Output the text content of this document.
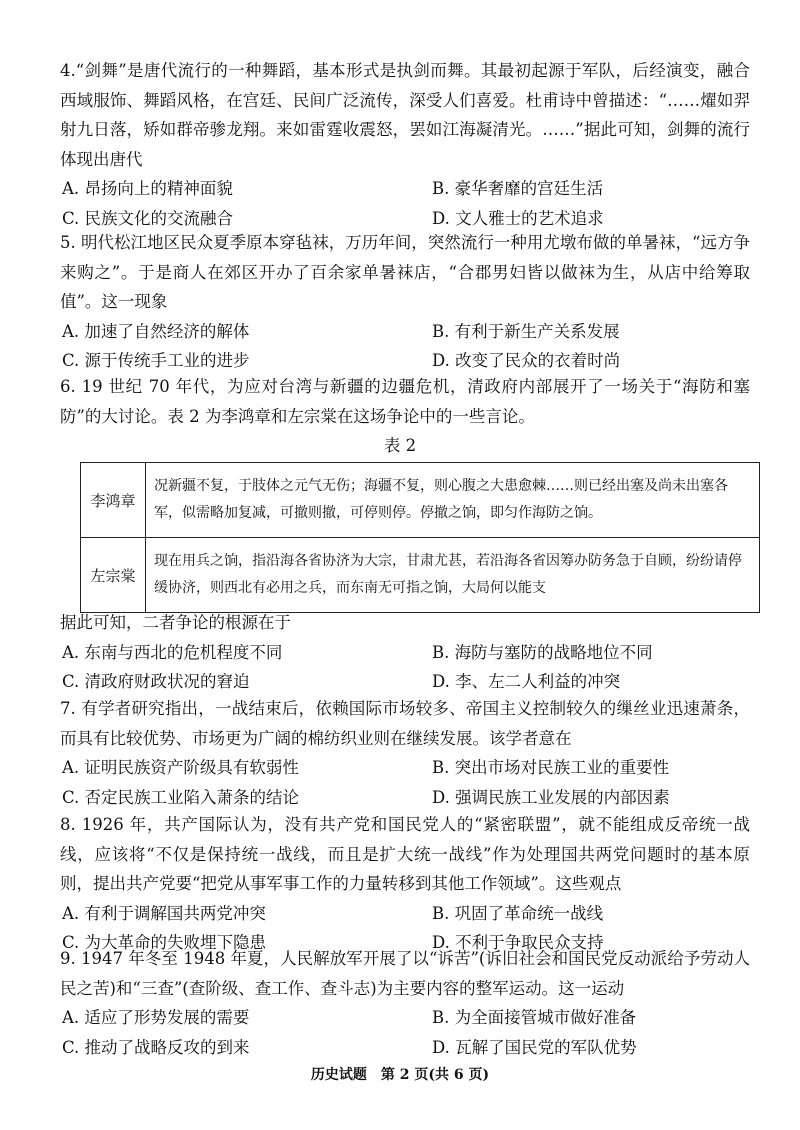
4.“剑舞”是唐代流行的一种舞蹈，基本形式是执剑而舞。其最初起源于军队，后经演变，融合西域服饰、舞蹈风格，在宫廷、民间广泛流传，深受人们喜爱。杜甫诗中曾描述：“……燿如羿射九日落，矫如群帝骖龙翔。来如雷霆收震怒，罢如江海凝清光。……”据此可知，剑舞的流行体现出唐代

A. 昂扬向上的精神面貌	B. 豪华奢靡的宫廷生活
C. 民族文化的交流融合	D. 文人雅士的艺术追求

5. 明代松江地区民众夏季原本穿毡袜，万历年间，突然流行一种用尤墩布做的单暑袜，“远方争来购之”。于是商人在郊区开办了百余家单暑袜店，“合郡男妇皆以做袜为生，从店中给筹取值”。这一现象

A. 加速了自然经济的解体	B. 有利于新生产关系发展
C. 源于传统手工业的进步	D. 改变了民众的衣着时尚

6. 19 世纪 70 年代，为应对台湾与新疆的边疆危机，清政府内部展开了一场关于“海防和塞防”的大讨论。表 2 为李鸿章和左宗棠在这场争论中的一些言论。

表 2
李鸿章	况新疆不复，于肢体之元气无伤；海疆不复，则心腹之大患愈棘……则已经出塞及尚未出塞各军，似需略加复减，可撤则撤，可停则停。停撤之饷，即匀作海防之饷。
左宗棠	现在用兵之饷，指沿海各省协济为大宗，甘肃尤甚，若沿海各省因筹办防务急于自顾，纷纷请停缓协济，则西北有必用之兵，而东南无可指之饷，大局何以能支

据此可知，二者争论的根源在于

A. 东南与西北的危机程度不同	B. 海防与塞防的战略地位不同
C. 清政府财政状况的窘迫	D. 李、左二人利益的冲突

7. 有学者研究指出，一战结束后，依赖国际市场较多、帝国主义控制较久的缫丝业迅速萧条，而具有比较优势、市场更为广阔的棉纺织业则在继续发展。该学者意在

A. 证明民族资产阶级具有软弱性	B. 突出市场对民族工业的重要性
C. 否定民族工业陷入萧条的结论	D. 强调民族工业发展的内部因素

8. 1926 年，共产国际认为，没有共产党和国民党人的“紧密联盟”，就不能组成反帝统一战线，应该将“不仅是保持统一战线，而且是扩大统一战线”作为处理国共两党问题时的基本原则，提出共产党要“把党从事军事工作的力量转移到其他工作领域”。这些观点

A. 有利于调解国共两党冲突	B. 巩固了革命统一战线
C. 为大革命的失败埋下隐患	D. 不利于争取民众支持

9. 1947 年冬至 1948 年夏，人民解放军开展了以“诉苦”(诉旧社会和国民党反动派给予劳动人民之苦)和“三查”(查阶级、查工作、查斗志)为主要内容的整军运动。这一运动

A. 适应了形势发展的需要	B. 为全面接管城市做好准备
C. 推动了战略反攻的到来	D. 瓦解了国民党的军队优势
历史试题　第 2 页(共 6 页)
